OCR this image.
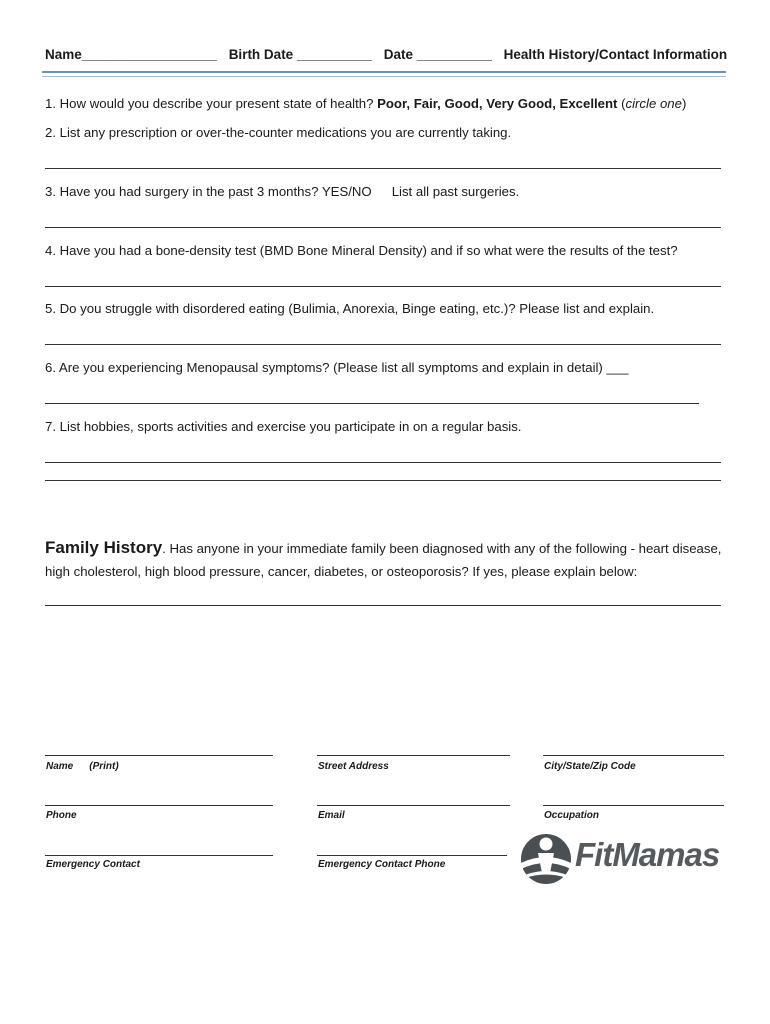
Name__________________ Birth Date __________ Date __________ Health History/Contact Information
1. How would you describe your present state of health? Poor, Fair, Good, Very Good, Excellent (circle one)
2. List any prescription or over-the-counter medications you are currently taking.
3. Have you had surgery in the past 3 months? YES/NO List all past surgeries.
4. Have you had a bone-density test (BMD Bone Mineral Density) and if so what were the results of the test?
5. Do you struggle with disordered eating (Bulimia, Anorexia, Binge eating, etc.)? Please list and explain.
6. Are you experiencing Menopausal symptoms? (Please list all symptoms and explain in detail) ___
7. List hobbies, sports activities and exercise you participate in on a regular basis.
Family History. Has anyone in your immediate family been diagnosed with any of the following - heart disease, high cholesterol, high blood pressure, cancer, diabetes, or osteoporosis? If yes, please explain below:
Name (Print)	Street Address	City/State/Zip Code
Phone	Email	Occupation
Emergency Contact	Emergency Contact Phone	FitMamas
